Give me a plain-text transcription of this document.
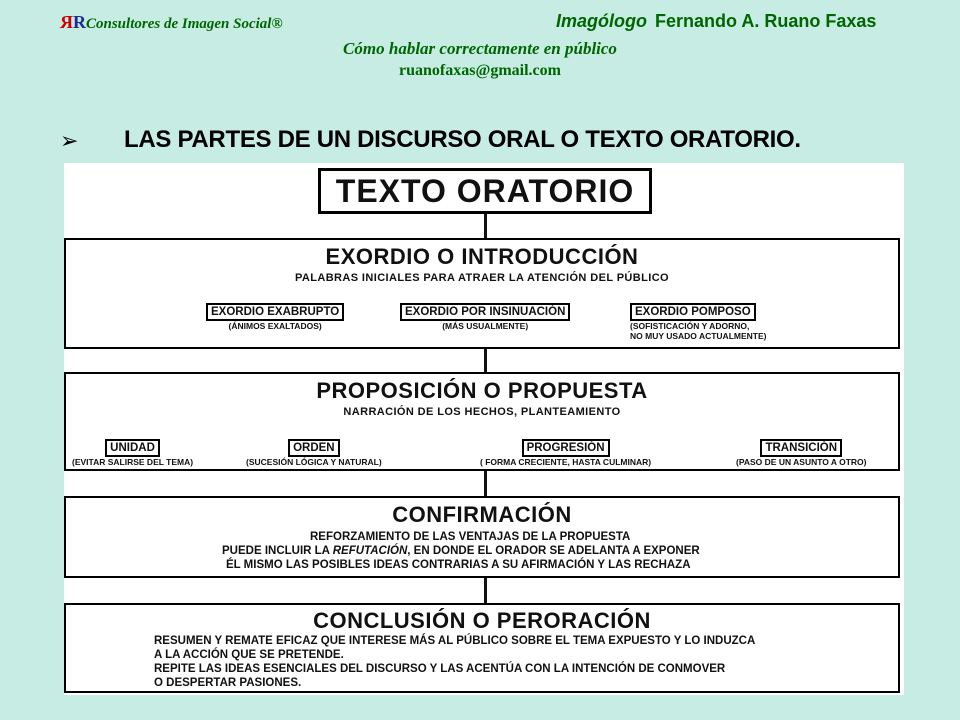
RRConsultores de Imagen Social®	Imagólogo Fernando A. Ruano Faxas
Cómo hablar correctamente en público
ruanofaxas@gmail.com
➢ LAS PARTES DE UN DISCURSO ORAL O TEXTO ORATORIO.
TEXTO ORATORIO
EXORDIO O INTRODUCCIÓN
PALABRAS INICIALES PARA ATRAER LA ATENCIÓN DEL PÚBLICO
EXORDIO EXABRUPTO
(ÁNIMOS EXALTADOS)
EXORDIO POR INSINUACIÓN
(MÁS USUALMENTE)
EXORDIO POMPOSO
(SOFISTICACIÓN Y ADORNO,
NO MUY USADO ACTUALMENTE)
PROPOSICIÓN O PROPUESTA
NARRACIÓN DE LOS HECHOS, PLANTEAMIENTO
UNIDAD
(EVITAR SALIRSE DEL TEMA)
ORDEN
(SUCESIÓN LÓGICA Y NATURAL)
PROGRESIÓN
( FORMA CRECIENTE, HASTA CULMINAR)
TRANSICIÓN
(PASO DE UN ASUNTO A OTRO)
CONFIRMACIÓN
REFORZAMIENTO DE LAS VENTAJAS DE LA PROPUESTA
PUEDE INCLUIR LA REFUTACIÓN, EN DONDE EL ORADOR SE ADELANTA A EXPONER
ÉL MISMO LAS POSIBLES IDEAS CONTRARIAS A SU AFIRMACIÓN Y LAS RECHAZA
CONCLUSIÓN O PERORACIÓN
RESUMEN Y REMATE EFICAZ QUE INTERESE MÁS AL PÚBLICO SOBRE EL TEMA EXPUESTO Y LO INDUZCA
A LA ACCIÓN QUE SE PRETENDE.
REPITE LAS IDEAS ESENCIALES DEL DISCURSO Y LAS ACENTÚA CON LA INTENCIÓN DE CONMOVER
O DESPERTAR PASIONES.
